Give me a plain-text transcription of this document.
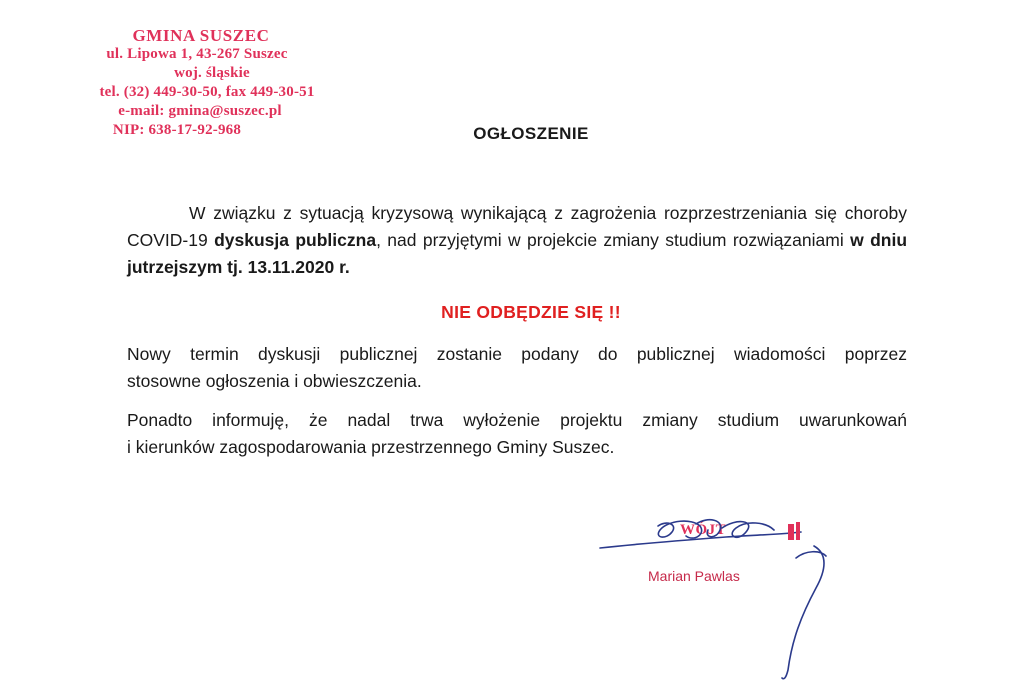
GMINA SUSZEC
ul. Lipowa 1, 43-267 Suszec
woj. śląskie
tel. (32) 449-30-50, fax 449-30-51
e-mail: gmina@suszec.pl
NIP: 638-17-92-968	OGŁOSZENIE
W związku z sytuacją kryzysową wynikającą z zagrożenia rozprzestrzeniania się choroby COVID-19 dyskusja publiczna, nad przyjętymi w projekcie zmiany studium rozwiązaniami w dniu jutrzejszym tj. 13.11.2020 r.
NIE ODBĘDZIE SIĘ !!
Nowy termin dyskusji publicznej zostanie podany do publicznej wiadomości poprzez
stosowne ogłoszenia i obwieszczenia.
Ponadto informuję, że nadal trwa wyłożenie projektu zmiany studium uwarunkowań
i kierunków zagospodarowania przestrzennego Gminy Suszec.
WÓJT
Marian Pawlas
